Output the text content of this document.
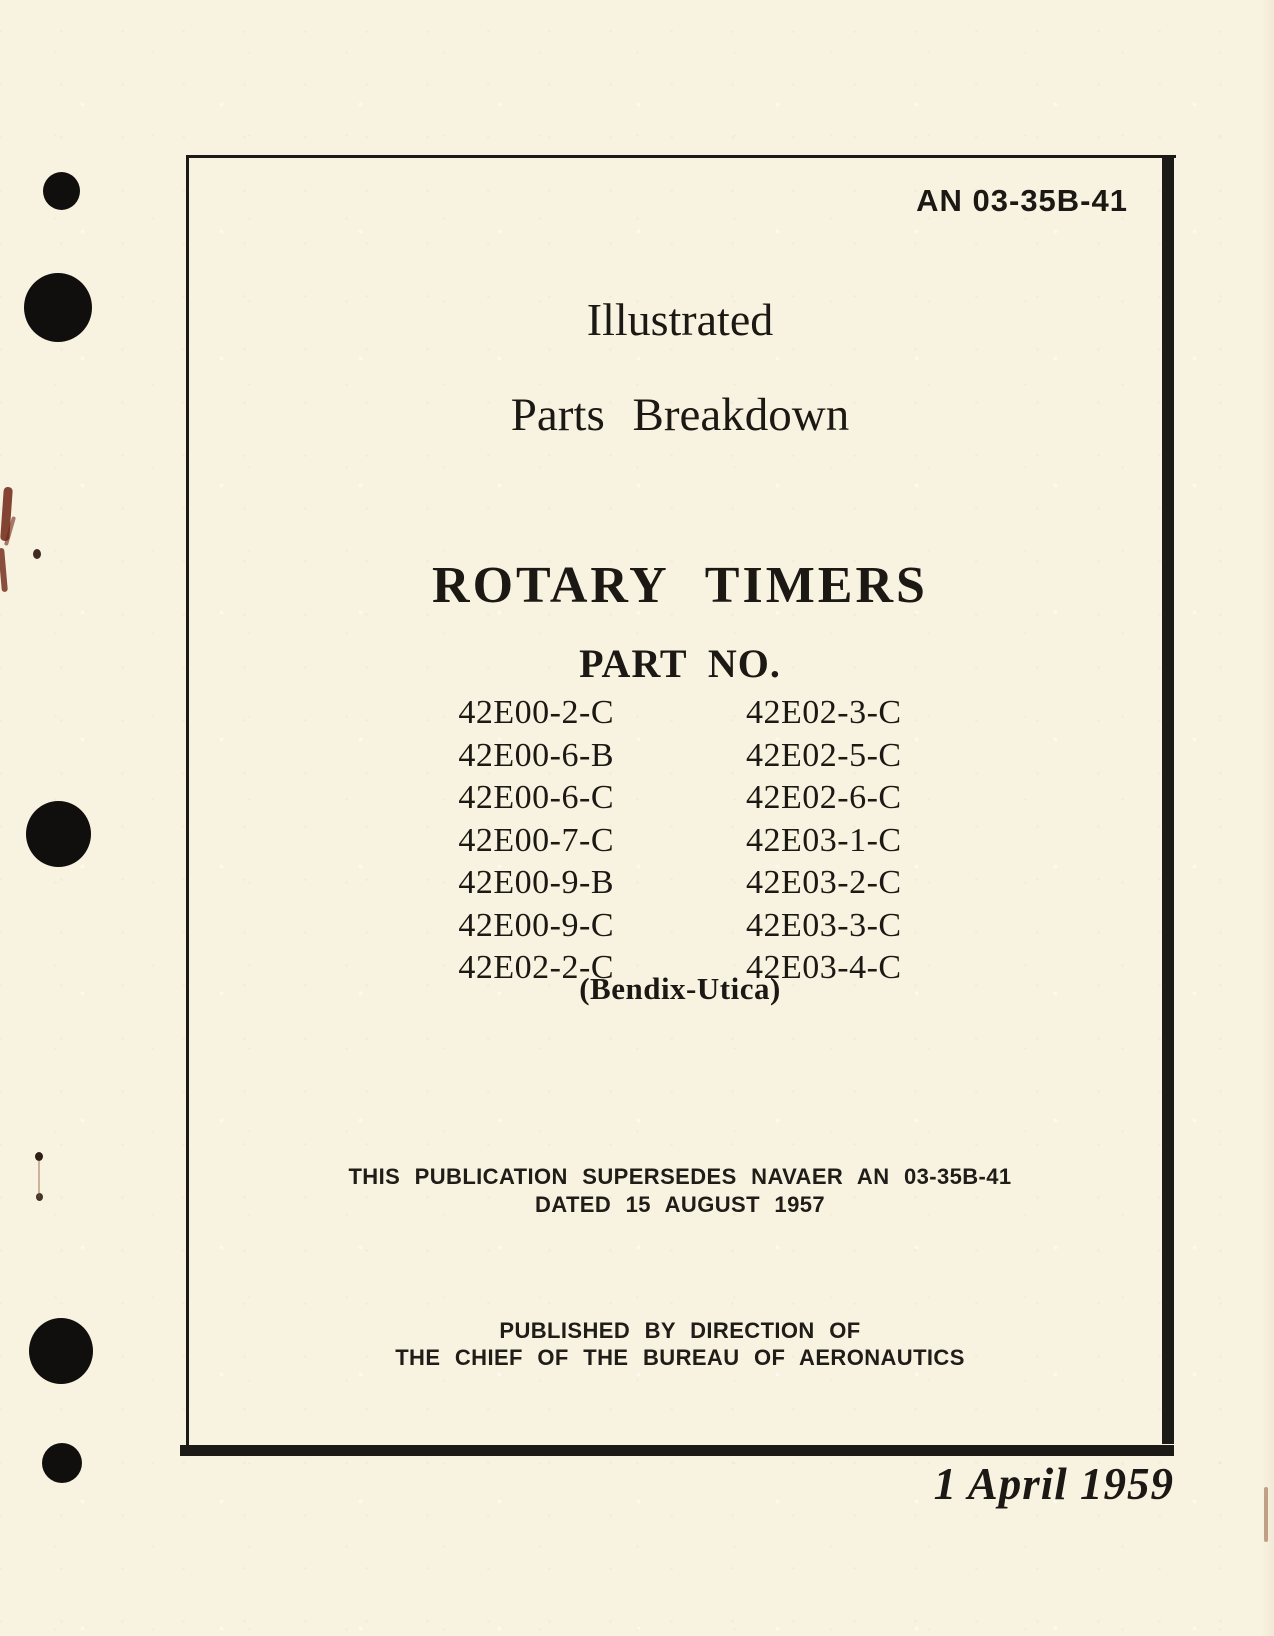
AN 03-35B-41
Illustrated
Parts Breakdown
ROTARY TIMERS
PART NO.
42E00-2-C
42E00-6-B
42E00-6-C
42E00-7-C
42E00-9-B
42E00-9-C
42E02-2-C
42E02-3-C
42E02-5-C
42E02-6-C
42E03-1-C
42E03-2-C
42E03-3-C
42E03-4-C
(Bendix-Utica)
THIS PUBLICATION SUPERSEDES NAVAER AN 03-35B-41
DATED 15 AUGUST 1957
PUBLISHED BY DIRECTION OF
THE CHIEF OF THE BUREAU OF AERONAUTICS
1 April 1959
